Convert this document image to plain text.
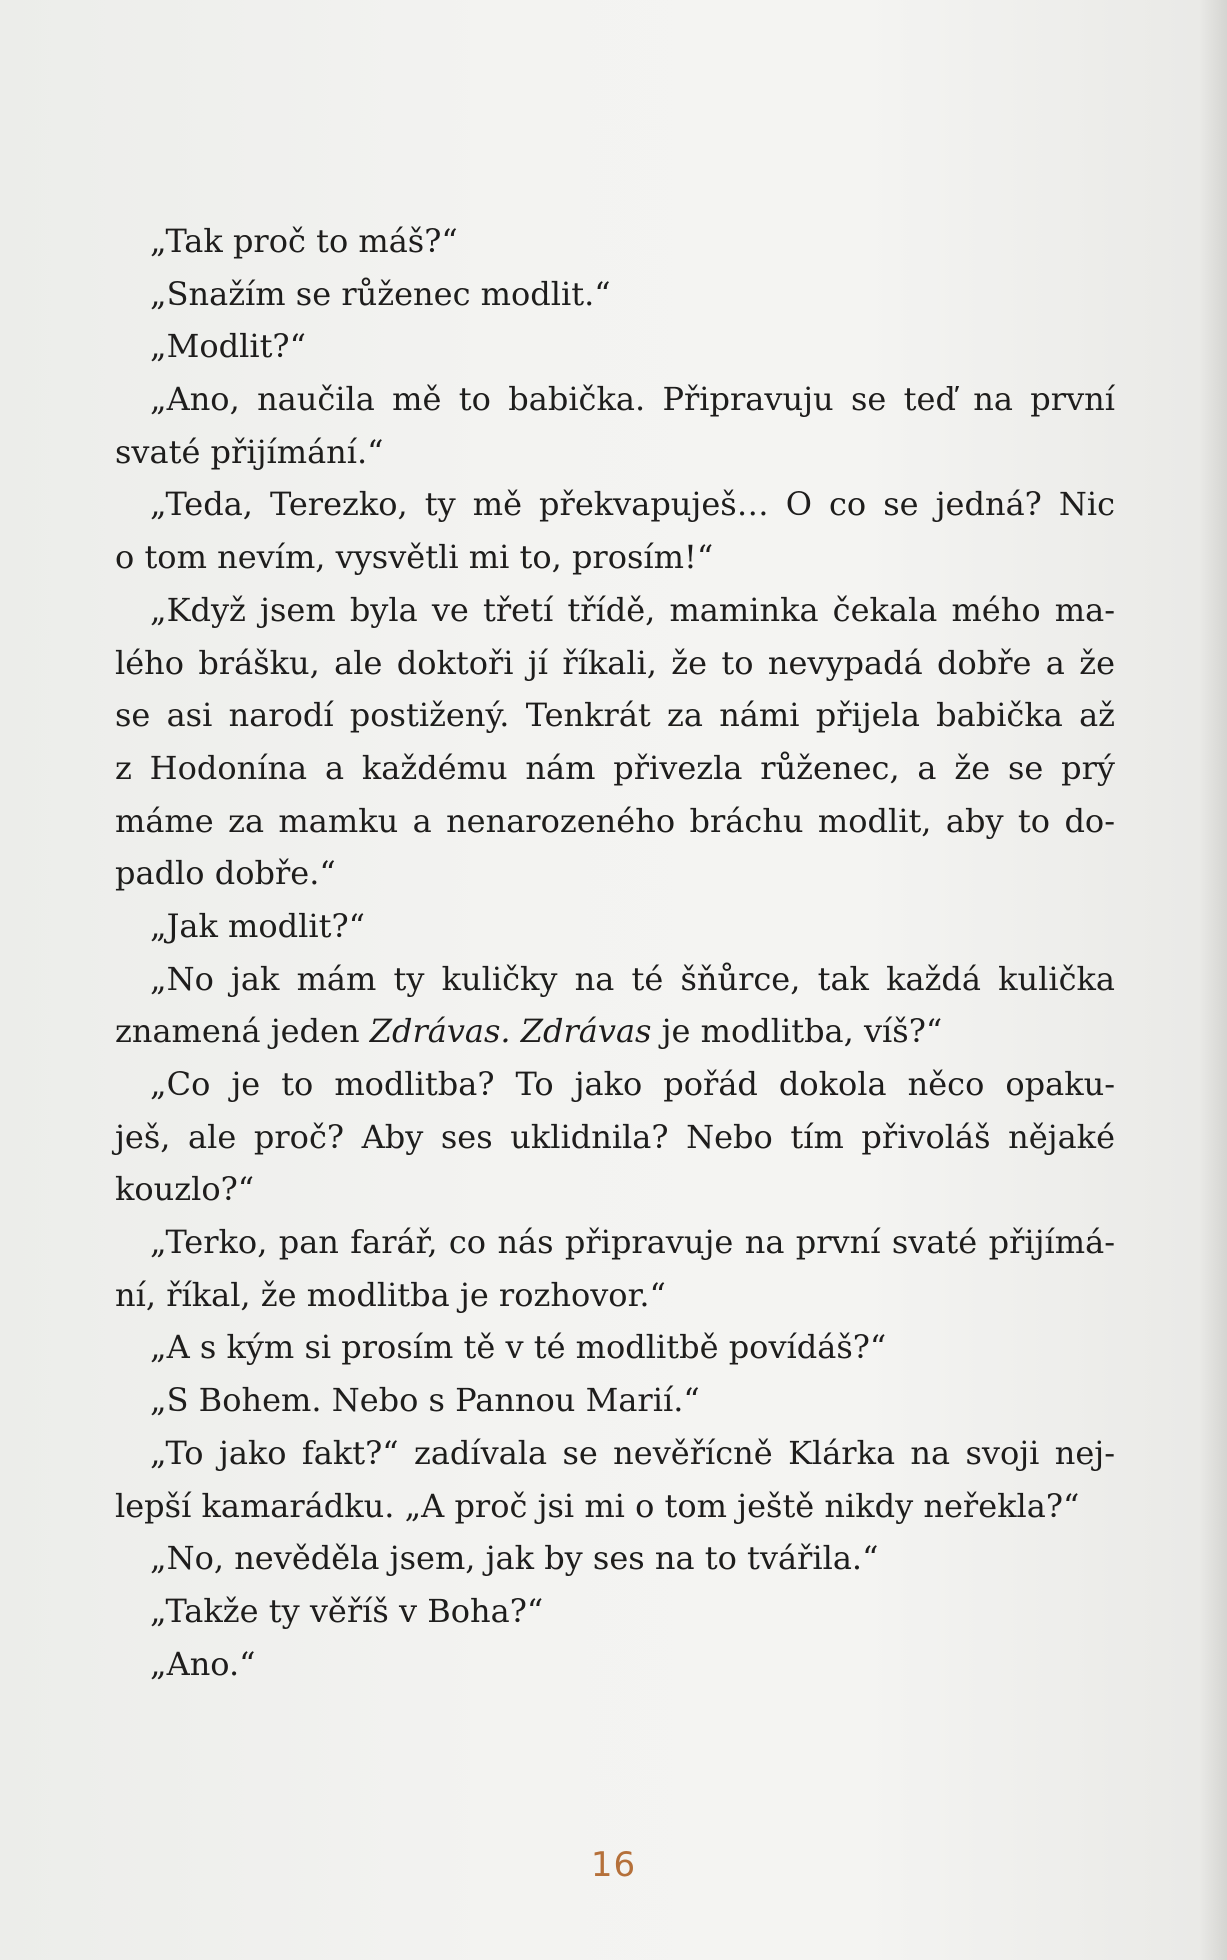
„Tak proč to máš?“
„Snažím se růženec modlit.“
„Modlit?“
„Ano, naučila mě to babička. Připravuju se teď na první
svaté přijímání.“
„Teda, Terezko, ty mě překvapuješ… O co se jedná? Nic
o tom nevím, vysvětli mi to, prosím!“
„Když jsem byla ve třetí třídě, maminka čekala mého ma-
lého brášku, ale doktoři jí říkali, že to nevypadá dobře a že
se asi narodí postižený. Tenkrát za námi přijela babička až
z Hodonína a každému nám přivezla růženec, a že se prý
máme za mamku a nenarozeného bráchu modlit, aby to do-
padlo dobře.“
„Jak modlit?“
„No jak mám ty kuličky na té šňůrce, tak každá kulička
znamená jeden Zdrávas. Zdrávas je modlitba, víš?“
„Co je to modlitba? To jako pořád dokola něco opaku-
ješ, ale proč? Aby ses uklidnila? Nebo tím přivoláš nějaké
kouzlo?“
„Terko, pan farář, co nás připravuje na první svaté přijímá-
ní, říkal, že modlitba je rozhovor.“
„A s kým si prosím tě v té modlitbě povídáš?“
„S Bohem. Nebo s Pannou Marií.“
„To jako fakt?“ zadívala se nevěřícně Klárka na svoji nej-
lepší kamarádku. „A proč jsi mi o tom ještě nikdy neřekla?“
„No, nevěděla jsem, jak by ses na to tvářila.“
„Takže ty věříš v Boha?“
„Ano.“
16
